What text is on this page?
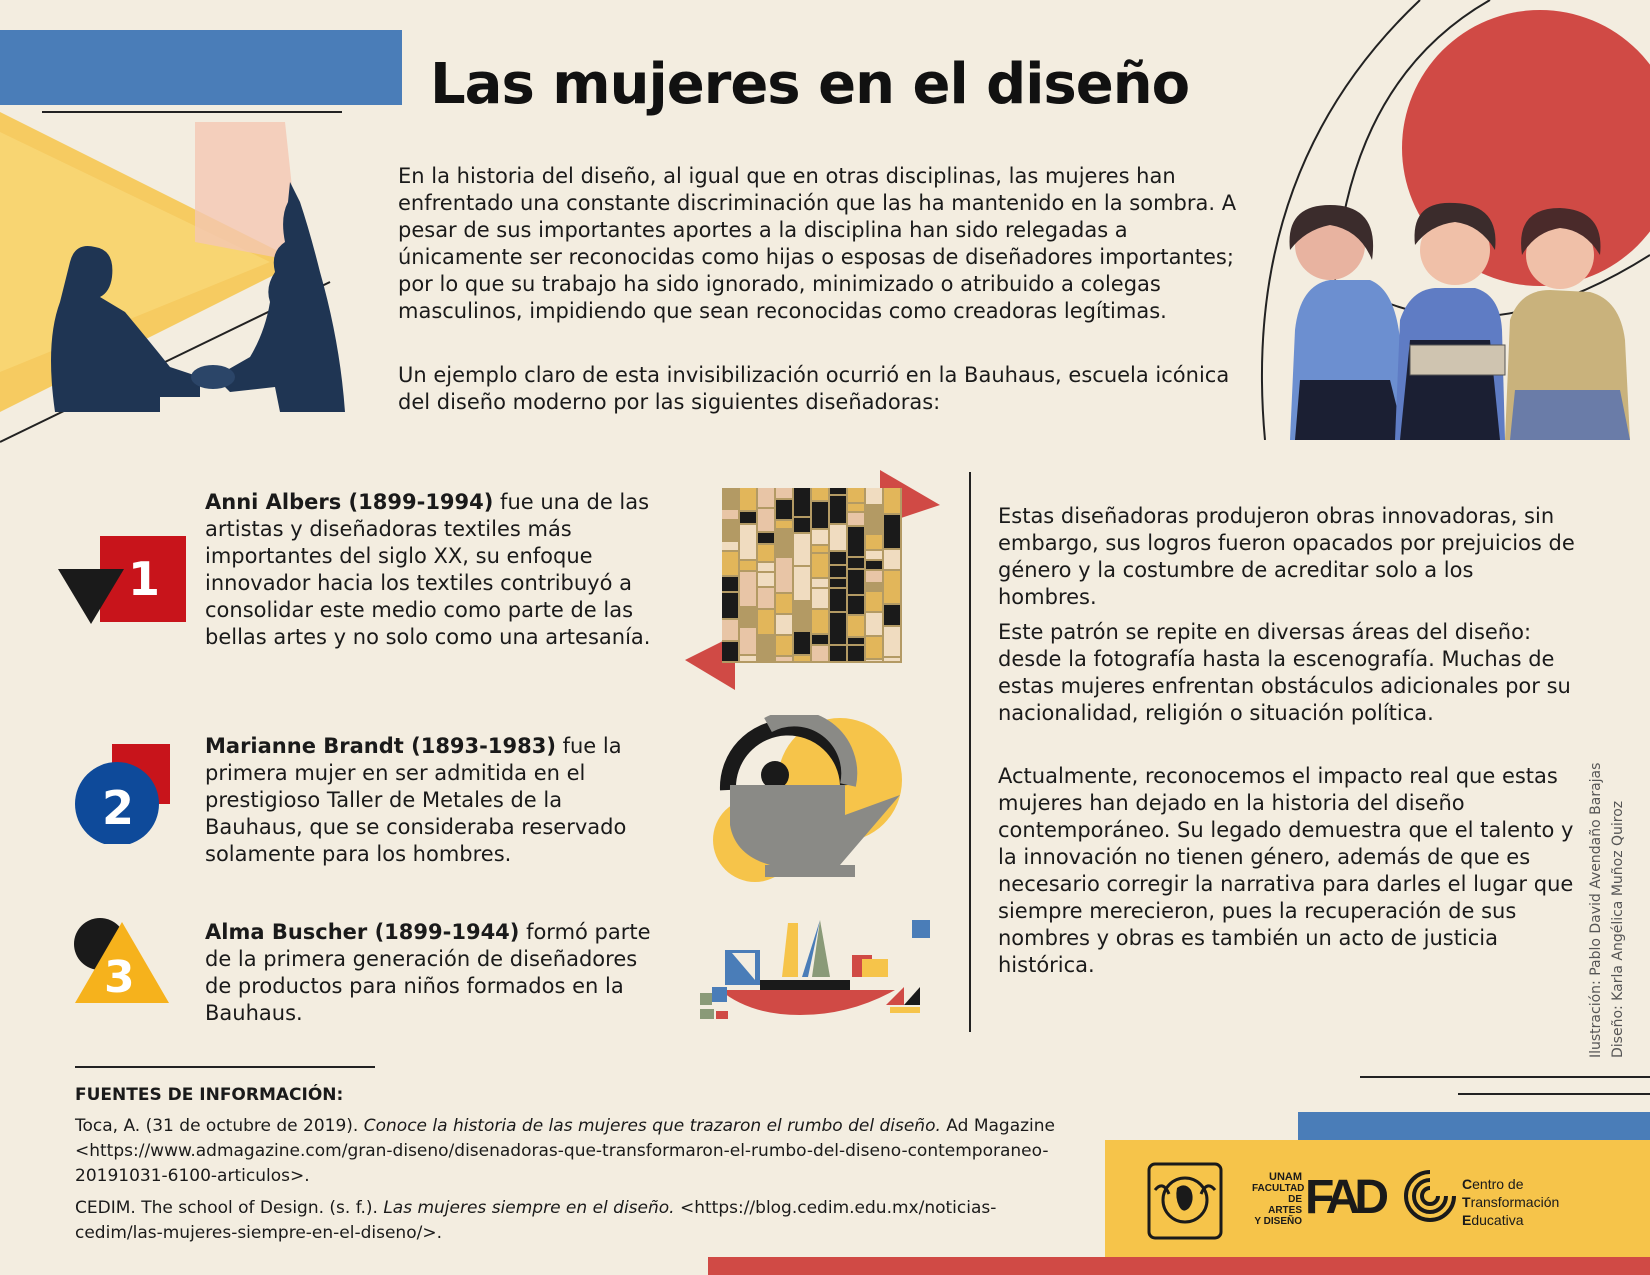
Las mujeres en el diseño

En la historia del diseño, al igual que en otras disciplinas, las mujeres han enfrentado una constante discriminación que las ha mantenido en la sombra. A pesar de sus importantes aportes a la disciplina han sido relegadas a únicamente ser reconocidas como hijas o esposas de diseñadores importantes; por lo que su trabajo ha sido ignorado, minimizado o atribuido a colegas masculinos, impidiendo que sean reconocidas como creadoras legítimas.

Un ejemplo claro de esta invisibilización ocurrió en la Bauhaus, escuela icónica del diseño moderno por las siguientes diseñadoras:

1
2
3

Anni Albers (1899-1994) fue una de las artistas y diseñadoras textiles más importantes del siglo XX, su enfoque innovador hacia los textiles contribuyó a consolidar este medio como parte de las bellas artes y no solo como una artesanía.

Marianne Brandt (1893-1983) fue la primera mujer en ser admitida en el prestigioso Taller de Metales de la Bauhaus, que se consideraba reservado solamente para los hombres.

Alma Buscher (1899-1944) formó parte de la primera generación de diseñadores de productos para niños formados en la Bauhaus.

Estas diseñadoras produjeron obras innovadoras, sin embargo, sus logros fueron opacados por prejuicios de género y la costumbre de acreditar solo a los hombres.

Este patrón se repite en diversas áreas del diseño: desde la fotografía hasta la escenografía. Muchas de estas mujeres enfrentan obstáculos adicionales por su nacionalidad, religión o situación política.

Actualmente, reconocemos el impacto real que estas mujeres han dejado en la historia del diseño contemporáneo. Su legado demuestra que el talento y la innovación no tienen género, además de que es necesario corregir la narrativa para darles el lugar que siempre merecieron, pues la recuperación de sus nombres y obras es también un acto de justicia histórica.	Ilustración: Pablo David Avendaño Barajas Diseño: Karla Angélica Muñoz Quiroz
FUENTES DE INFORMACIÓN:

Toca, A. (31 de octubre de 2019). Conoce la historia de las mujeres que trazaron el rumbo del diseño. Ad Magazine <https://www.admagazine.com/gran-diseno/disenadoras-que-transformaron-el-rumbo-del-diseno-contemporaneo-20191031-6100-articulos>.

CEDIM. The school of Design. (s. f.). Las mujeres siempre en el diseño. <https://blog.cedim.edu.mx/noticias-cedim/las-mujeres-siempre-en-el-diseno/>.

UNAM
FACULTAD
DE ARTES
Y DISEÑO FAD	Centro de
Transformación
Educativa
